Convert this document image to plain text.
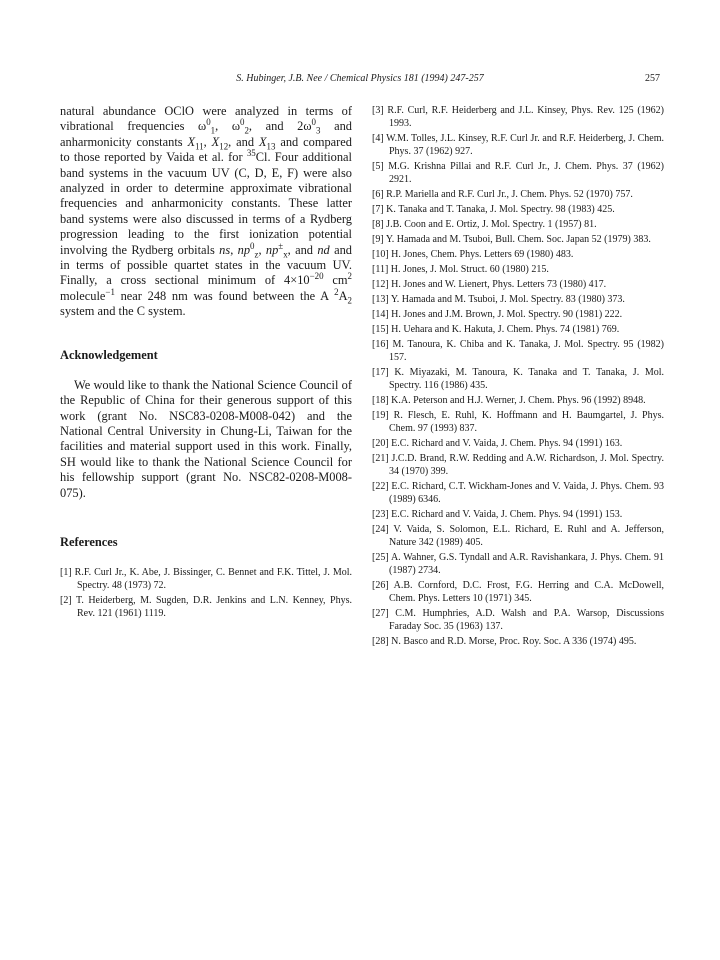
S. Hubinger, J.B. Nee / Chemical Physics 181 (1994) 247-257	257

natural abundance OClO were analyzed in terms of vibrational frequencies $\omega^0_1$, $\omega^0_2$, and $2\omega^0_3$ and anharmonicity constants $X_{11}$, $X_{12}$, and $X_{13}$ and compared to those reported by Vaida et al. for $^{35}$Cl. Four additional band systems in the vacuum UV (C, D, E, F) were also analyzed in order to determine approximate vibrational frequencies and anharmonicity constants. These latter band systems were also discussed in terms of a Rydberg progression leading to the first ionization potential involving the Rydberg orbitals ns, $np^0_z$, $np^\pm_x$, and nd and in terms of possible quartet states in the vacuum UV. Finally, a cross sectional minimum of $4\times 10^{-20}$ $cm^2$ molecule$^{-1}$ near 248 nm was found between the A $^2A_2$ system and the C system.

Acknowledgement

We would like to thank the National Science Council of the Republic of China for their generous support of this work (grant No. NSC83-0208-M008-042) and the National Central University in Chung-Li, Taiwan for the facilities and material support used in this work. Finally, SH would like to thank the National Science Council for his fellowship support (grant No. NSC82-0208-M008-075).

References
[1] R.F. Curl Jr., K. Abe, J. Bissinger, C. Bennet and F.K. Tittel, J. Mol. Spectry. 48 (1973) 72.
[2] T. Heiderberg, M. Sugden, D.R. Jenkins and L.N. Kenney, Phys. Rev. 121 (1961) 1119.
[3] R.F. Curl, R.F. Heiderberg and J.L. Kinsey, Phys. Rev. 125 (1962) 1993.
[4] W.M. Tolles, J.L. Kinsey, R.F. Curl Jr. and R.F. Heiderberg, J. Chem. Phys. 37 (1962) 927.
[5] M.G. Krishna Pillai and R.F. Curl Jr., J. Chem. Phys. 37 (1962) 2921.
[6] R.P. Mariella and R.F. Curl Jr., J. Chem. Phys. 52 (1970) 757.
[7] K. Tanaka and T. Tanaka, J. Mol. Spectry. 98 (1983) 425.
[8] J.B. Coon and E. Ortiz, J. Mol. Spectry. 1 (1957) 81.
[9] Y. Hamada and M. Tsuboi, Bull. Chem. Soc. Japan 52 (1979) 383.
[10] H. Jones, Chem. Phys. Letters 69 (1980) 483.
[11] H. Jones, J. Mol. Struct. 60 (1980) 215.
[12] H. Jones and W. Lienert, Phys. Letters 73 (1980) 417.
[13] Y. Hamada and M. Tsuboi, J. Mol. Spectry. 83 (1980) 373.
[14] H. Jones and J.M. Brown, J. Mol. Spectry. 90 (1981) 222.
[15] H. Uehara and K. Hakuta, J. Chem. Phys. 74 (1981) 769.
[16] M. Tanoura, K. Chiba and K. Tanaka, J. Mol. Spectry. 95 (1982) 157.
[17] K. Miyazaki, M. Tanoura, K. Tanaka and T. Tanaka, J. Mol. Spectry. 116 (1986) 435.
[18] K.A. Peterson and H.J. Werner, J. Chem. Phys. 96 (1992) 8948.
[19] R. Flesch, E. Ruhl, K. Hoffmann and H. Baumgartel, J. Phys. Chem. 97 (1993) 837.
[20] E.C. Richard and V. Vaida, J. Chem. Phys. 94 (1991) 163.
[21] J.C.D. Brand, R.W. Redding and A.W. Richardson, J. Mol. Spectry. 34 (1970) 399.
[22] E.C. Richard, C.T. Wickham-Jones and V. Vaida, J. Phys. Chem. 93 (1989) 6346.
[23] E.C. Richard and V. Vaida, J. Chem. Phys. 94 (1991) 153.
[24] V. Vaida, S. Solomon, E.L. Richard, E. Ruhl and A. Jefferson, Nature 342 (1989) 405.
[25] A. Wahner, G.S. Tyndall and A.R. Ravishankara, J. Phys. Chem. 91 (1987) 2734.
[26] A.B. Cornford, D.C. Frost, F.G. Herring and C.A. McDowell, Chem. Phys. Letters 10 (1971) 345.
[27] C.M. Humphries, A.D. Walsh and P.A. Warsop, Discussions Faraday Soc. 35 (1963) 137.
[28] N. Basco and R.D. Morse, Proc. Roy. Soc. A 336 (1974) 495.
